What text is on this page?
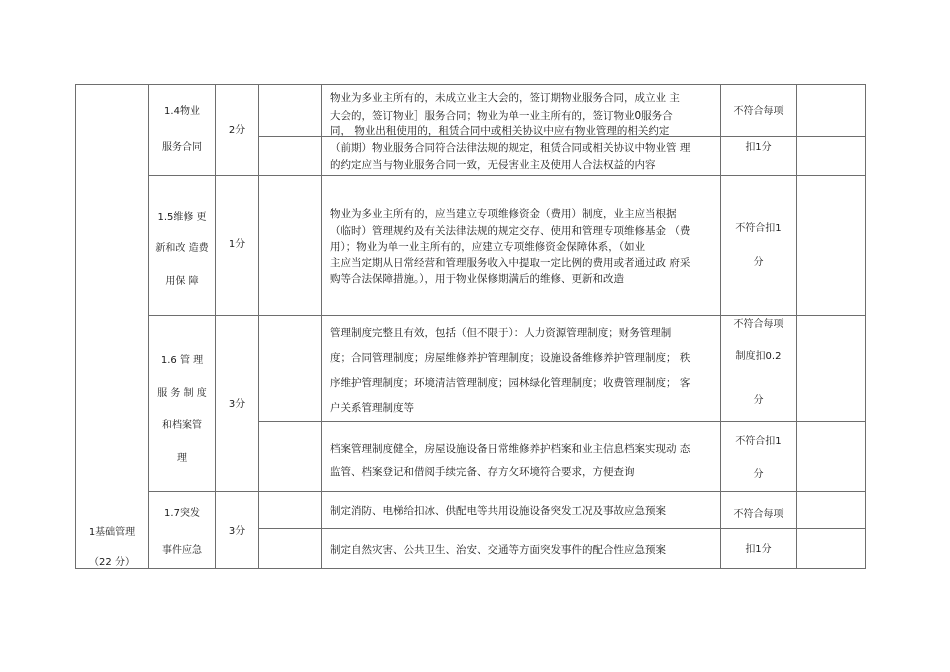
1基础管理
（22 分）
1.4物业
服务合同
2分
物业为多业主所有的，未成立业主大会的，签订期物业服务合同，成立业 主
大会的，签订物业］服务合同；物业为单一业主所有的，签订物业0服务合
同， 物业出租使用的，租赁合同中或相关协议中应有物业管理的相关约定
（前期）物业服务合同符合法律法规的规定，租赁合同或相关协议中物业管 理
的约定应当与物业服务合同一致，无侵害业主及使用人合法权益的内容
不符合每项
扣1分
1.5维修 更
新和改 造费
用保 障
1分
物业为多业主所有的，应当建立专项维修资金（费用）制度，业主应当根据
（临时）管理规约及有关法律法规的规定交存、使用和管理专项维修基金 （费
用）；物业为单一业主所有的，应建立专项维修资金保障体系，（如业
主应当定期从日常经营和管理服务收入中提取一定比例的费用或者通过政 府采
购等合法保障措施。），用于物业保修期满后的维修、更新和改造
不符合扣1
分
1.6 管 理
服 务 制 度
和档案管
理
3分
管理制度完整且有效，包括（但不限于）：人力资源管理制度；财务管理制
度；合同管理制度；房屋维修养护管理制度；设施设备维修养护管理制度； 秩
序维护管理制度；环境清洁管理制度；园林绿化管理制度；收费管理制度； 客
户关系管理制度等
不符合每项
制度扣0.2
分
档案管理制度健全，房屋设施设备日常维修养护档案和业主信息档案实现动 态
监管、档案登记和借阅手续完备、存方攵环境符合要求，方便查询
不符合扣1
分
1.7突发
事件应急
3分
制定消防、电梯给扣冰、供配电等共用设施设备突发工况及事故应急预案
制定自然灾害、公共卫生、治安、交通等方面突发事件的配合性应急预案
不符合每项
扣1分
